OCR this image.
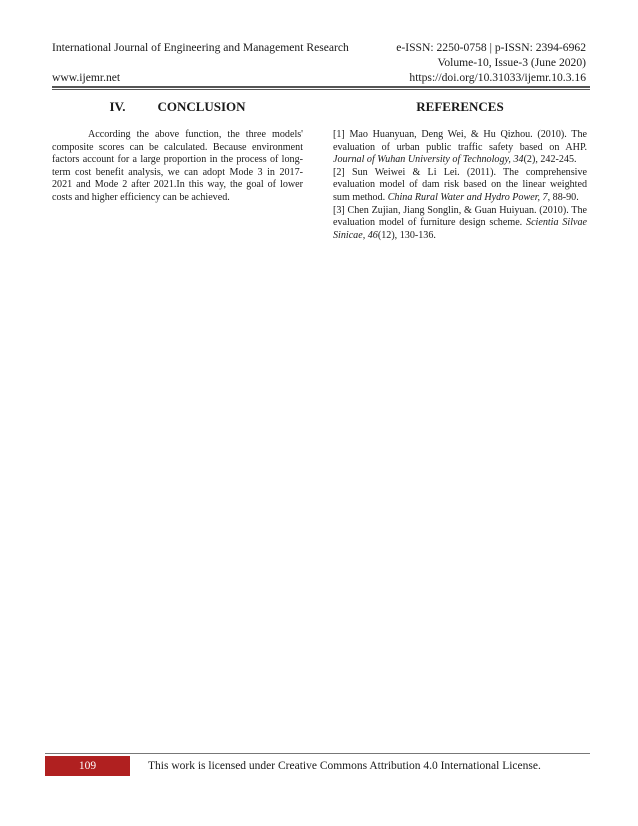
International Journal of Engineering and Management Research	e-ISSN: 2250-0758 | p-ISSN: 2394-6962
Volume-10, Issue-3 (June 2020)
www.ijemr.net	https://doi.org/10.31033/ijemr.10.3.16
IV. CONCLUSION

According the above function, the three models' composite scores can be calculated. Because environment factors account for a large proportion in the process of long-term cost benefit analysis, we can adopt Mode 3 in 2017-2021 and Mode 2 after 2021.In this way, the goal of lower costs and higher efficiency can be achieved.

REFERENCES

[1] Mao Huanyuan, Deng Wei, & Hu Qizhou. (2010). The evaluation of urban public traffic safety based on AHP. Journal of Wuhan University of Technology, 34(2), 242-245.

[2] Sun Weiwei & Li Lei. (2011). The comprehensive evaluation model of dam risk based on the linear weighted sum method. China Rural Water and Hydro Power, 7, 88-90.

[3] Chen Zujian, Jiang Songlin, & Guan Huiyuan. (2010). The evaluation model of furniture design scheme. Scientia Silvae Sinicae, 46(12), 130-136.

109	This work is licensed under Creative Commons Attribution 4.0 International License.
